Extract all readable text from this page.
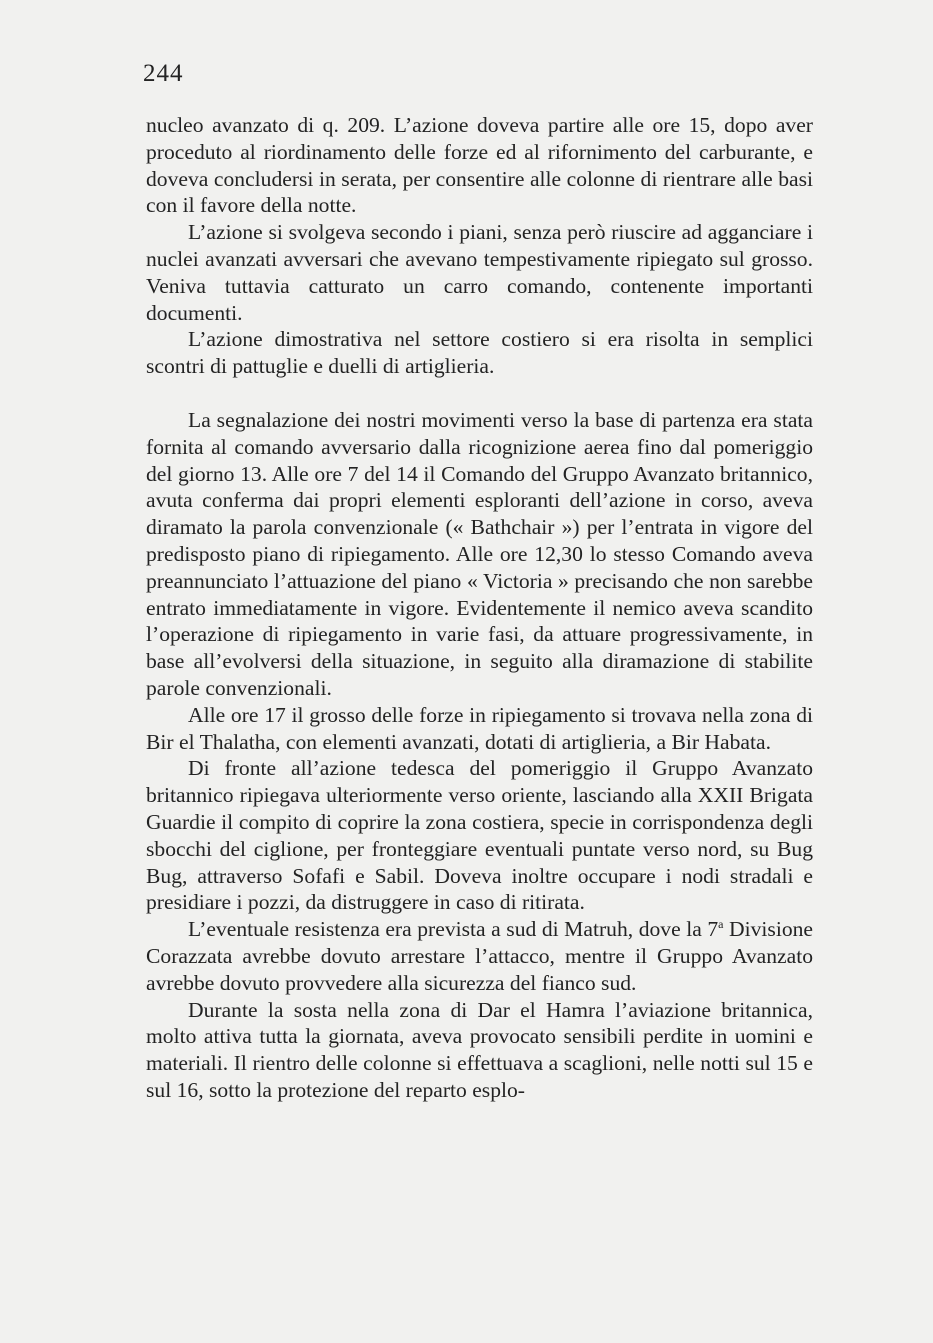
244

nucleo avanzato di q. 209. L’azione doveva partire alle ore 15, dopo aver proceduto al riordinamento delle forze ed al rifornimento del carburante, e doveva concludersi in serata, per consentire alle colonne di rientrare alle basi con il favore della notte.

L’azione si svolgeva secondo i piani, senza però riuscire ad agganciare i nuclei avanzati avversari che avevano tempestivamente ripiegato sul grosso. Veniva tuttavia catturato un carro comando, contenente importanti documenti.

L’azione dimostrativa nel settore costiero si era risolta in semplici scontri di pattuglie e duelli di artiglieria.

La segnalazione dei nostri movimenti verso la base di partenza era stata fornita al comando avversario dalla ricognizione aerea fino dal pomeriggio del giorno 13. Alle ore 7 del 14 il Comando del Gruppo Avanzato britannico, avuta conferma dai propri elementi esploranti dell’azione in corso, aveva diramato la parola convenzionale (« Bathchair ») per l’entrata in vigore del predisposto piano di ripiegamento. Alle ore 12,30 lo stesso Comando aveva preannunciato l’attuazione del piano « Victoria » precisando che non sarebbe entrato immediatamente in vigore. Evidentemente il nemico aveva scandito l’operazione di ripiegamento in varie fasi, da attuare progressivamente, in base all’evolversi della situazione, in seguito alla diramazione di stabilite parole convenzionali.

Alle ore 17 il grosso delle forze in ripiegamento si trovava nella zona di Bir el Thalatha, con elementi avanzati, dotati di artiglieria, a Bir Habata.

Di fronte all’azione tedesca del pomeriggio il Gruppo Avanzato britannico ripiegava ulteriormente verso oriente, lasciando alla XXII Brigata Guardie il compito di coprire la zona costiera, specie in corrispondenza degli sbocchi del ciglione, per fronteggiare eventuali puntate verso nord, su Bug Bug, attraverso Sofafi e Sabil. Doveva inoltre occupare i nodi stradali e presidiare i pozzi, da distruggere in caso di ritirata.

L’eventuale resistenza era prevista a sud di Matruh, dove la 7$^a$ Divisione Corazzata avrebbe dovuto arrestare l’attacco, mentre il Gruppo Avanzato avrebbe dovuto provvedere alla sicurezza del fianco sud.

Durante la sosta nella zona di Dar el Hamra l’aviazione britannica, molto attiva tutta la giornata, aveva provocato sensibili perdite in uomini e materiali. Il rientro delle colonne si effettuava a scaglioni, nelle notti sul 15 e sul 16, sotto la protezione del reparto esplo-
